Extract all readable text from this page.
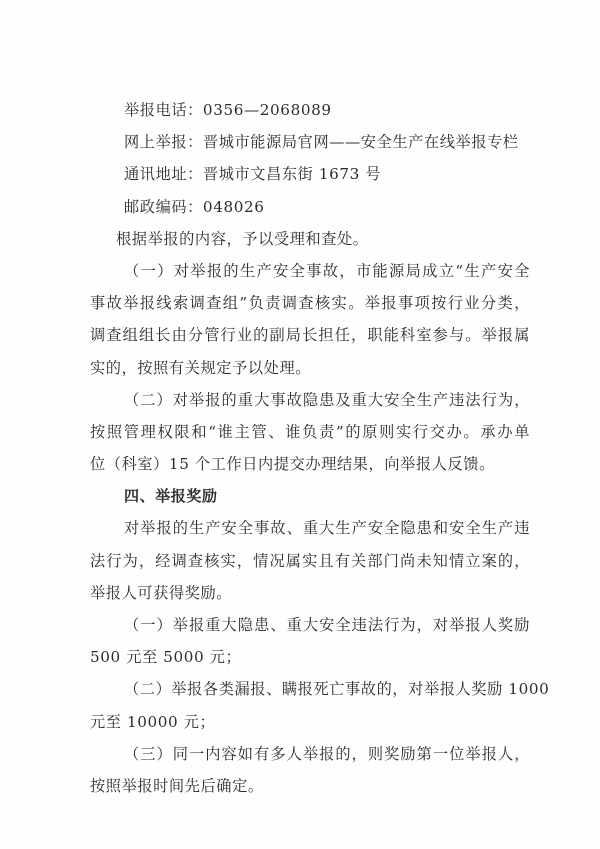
举报电话：0356—2068089
网上举报：晋城市能源局官网——安全生产在线举报专栏
通讯地址：晋城市文昌东街 1673 号
邮政编码：048026
根据举报的内容，予以受理和查处。
（一）对举报的生产安全事故，市能源局成立“生产安全
事故举报线索调查组”负责调查核实。举报事项按行业分类，
调查组组长由分管行业的副局长担任，职能科室参与。举报属
实的，按照有关规定予以处理。
（二）对举报的重大事故隐患及重大安全生产违法行为，
按照管理权限和“谁主管、谁负责”的原则实行交办。承办单
位（科室）15 个工作日内提交办理结果，向举报人反馈。
四、举报奖励
对举报的生产安全事故、重大生产安全隐患和安全生产违
法行为，经调查核实，情况属实且有关部门尚未知情立案的，
举报人可获得奖励。
（一）举报重大隐患、重大安全违法行为，对举报人奖励
500 元至 5000 元；
（二）举报各类漏报、瞒报死亡事故的，对举报人奖励 1000
元至 10000 元；
（三）同一内容如有多人举报的，则奖励第一位举报人，
按照举报时间先后确定。
